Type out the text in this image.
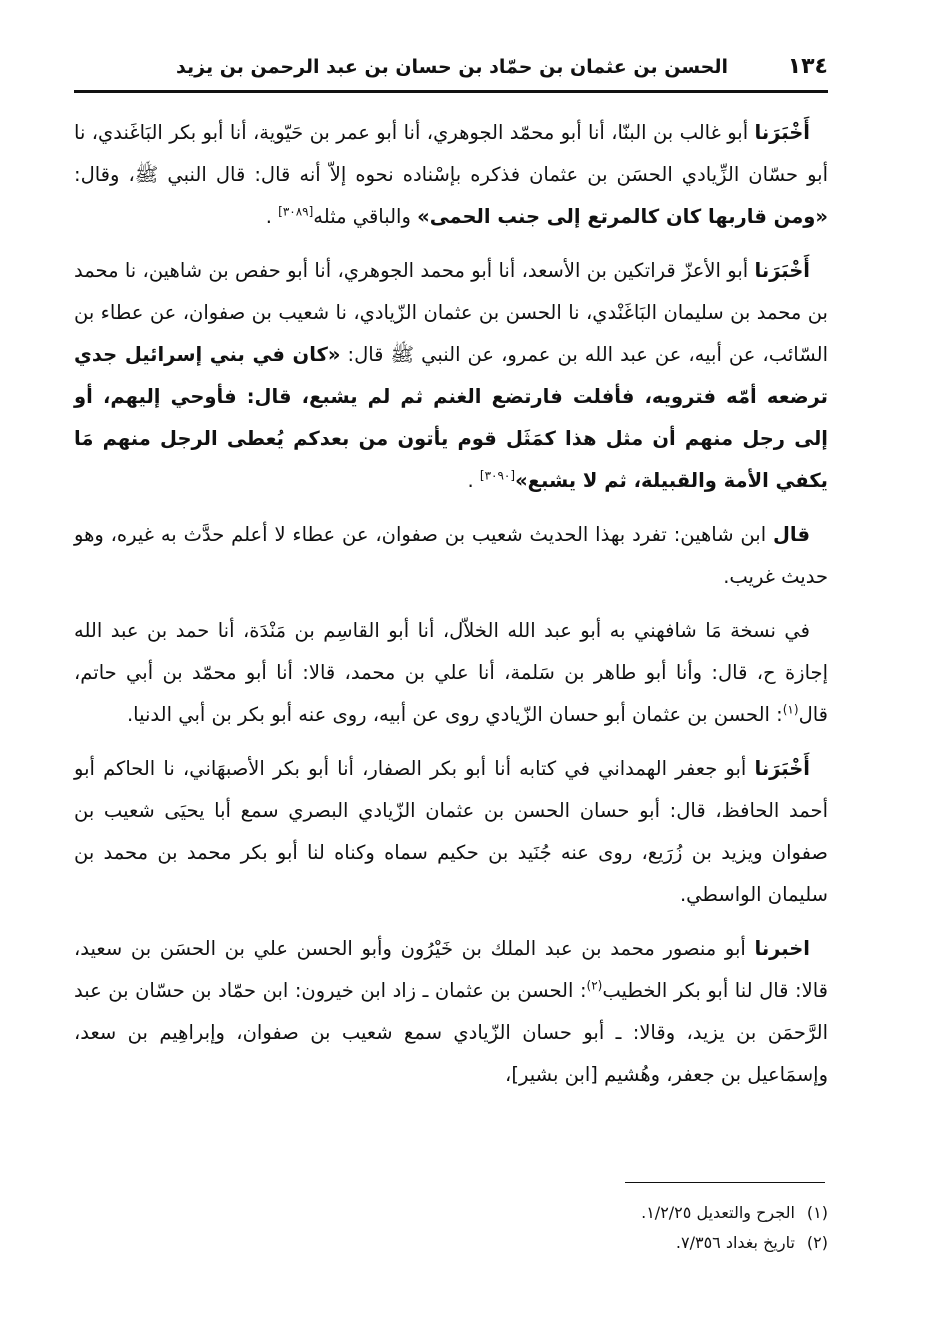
١٣٤
الحسن بن عثمان بن حمّاد بن حسان بن عبد الرحمن بن يزيد

أَخْبَرَنا أبو غالب بن البنّا، أنا أبو محمّد الجوهري، أنا أبو عمر بن حَيّوية، أنا أبو بكر البَاغَندي، نا أبو حسّان الزِّيادي الحسَن بن عثمان فذكره بإسْناده نحوه إلاّ أنه قال: قال النبي ﷺ، وقال: «ومن قاربها كان كالمرتع إلى جنب الحمى» والباقي مثله[٣٠٨٩] .

أَخْبَرَنا أبو الأعزّ قراتكين بن الأسعد، أنا أبو محمد الجوهري، أنا أبو حفص بن شاهين، نا محمد بن محمد بن سليمان البَاغَنْدي، نا الحسن بن عثمان الزّيادي، نا شعيب بن صفوان، عن عطاء بن السّائب، عن أبيه، عن عبد الله بن عمرو، عن النبي ﷺ قال: «كان في بني إسرائيل جدي ترضعه أمّه فترويه، فأفلت فارتضع الغنم ثم لم يشبع، قال: فأوحي إليهم، أو إلى رجل منهم أن مثل هذا كمَثَل قوم يأتون من بعدكم يُعطى الرجل منهم مَا يكفي الأمة والقبيلة، ثم لا يشبع»[٣٠٩٠] .

قال ابن شاهين: تفرد بهذا الحديث شعيب بن صفوان، عن عطاء لا أعلم حدَّث به غيره، وهو حديث غريب.

في نسخة مَا شافهني به أبو عبد الله الخلاّل، أنا أبو القاسِم بن مَنْدَة، أنا حمد بن عبد الله إجازة ح، قال: وأنا أبو طاهر بن سَلمة، أنا علي بن محمد، قالا: أنا أبو محمّد بن أبي حاتم، قال$^{(١)}$: الحسن بن عثمان أبو حسان الزّيادي روى عن أبيه، روى عنه أبو بكر بن أبي الدنيا.

أَخْبَرَنا أبو جعفر الهمداني في كتابه أنا أبو بكر الصفار، أنا أبو بكر الأصبهَاني، نا الحاكم أبو أحمد الحافظ، قال: أبو حسان الحسن بن عثمان الزّيادي البصري سمع أبا يحيَى شعيب بن صفوان ويزيد بن زُرَيع، روى عنه جُنَيد بن حكيم سماه وكناه لنا أبو بكر محمد بن محمد بن سليمان الواسطي.

اخبرنا أبو منصور محمد بن عبد الملك بن خَيْرُون وأبو الحسن علي بن الحسَن بن سعيد، قالا: قال لنا أبو بكر الخطيب$^{(٢)}$: الحسن بن عثمان ـ زاد ابن خيرون: ابن حمّاد بن حسّان بن عبد الرَّحمَن بن يزيد، وقالا: ـ أبو حسان الزّيادي سمع شعيب بن صفوان، وإبراهِيم بن سعد، وإسمَاعيل بن جعفر، وهُشيم [ابن بشير]،

(١)الجرح والتعديل ١/٢/٢٥.

(٢)تاريخ بغداد ٧/٣٥٦.
